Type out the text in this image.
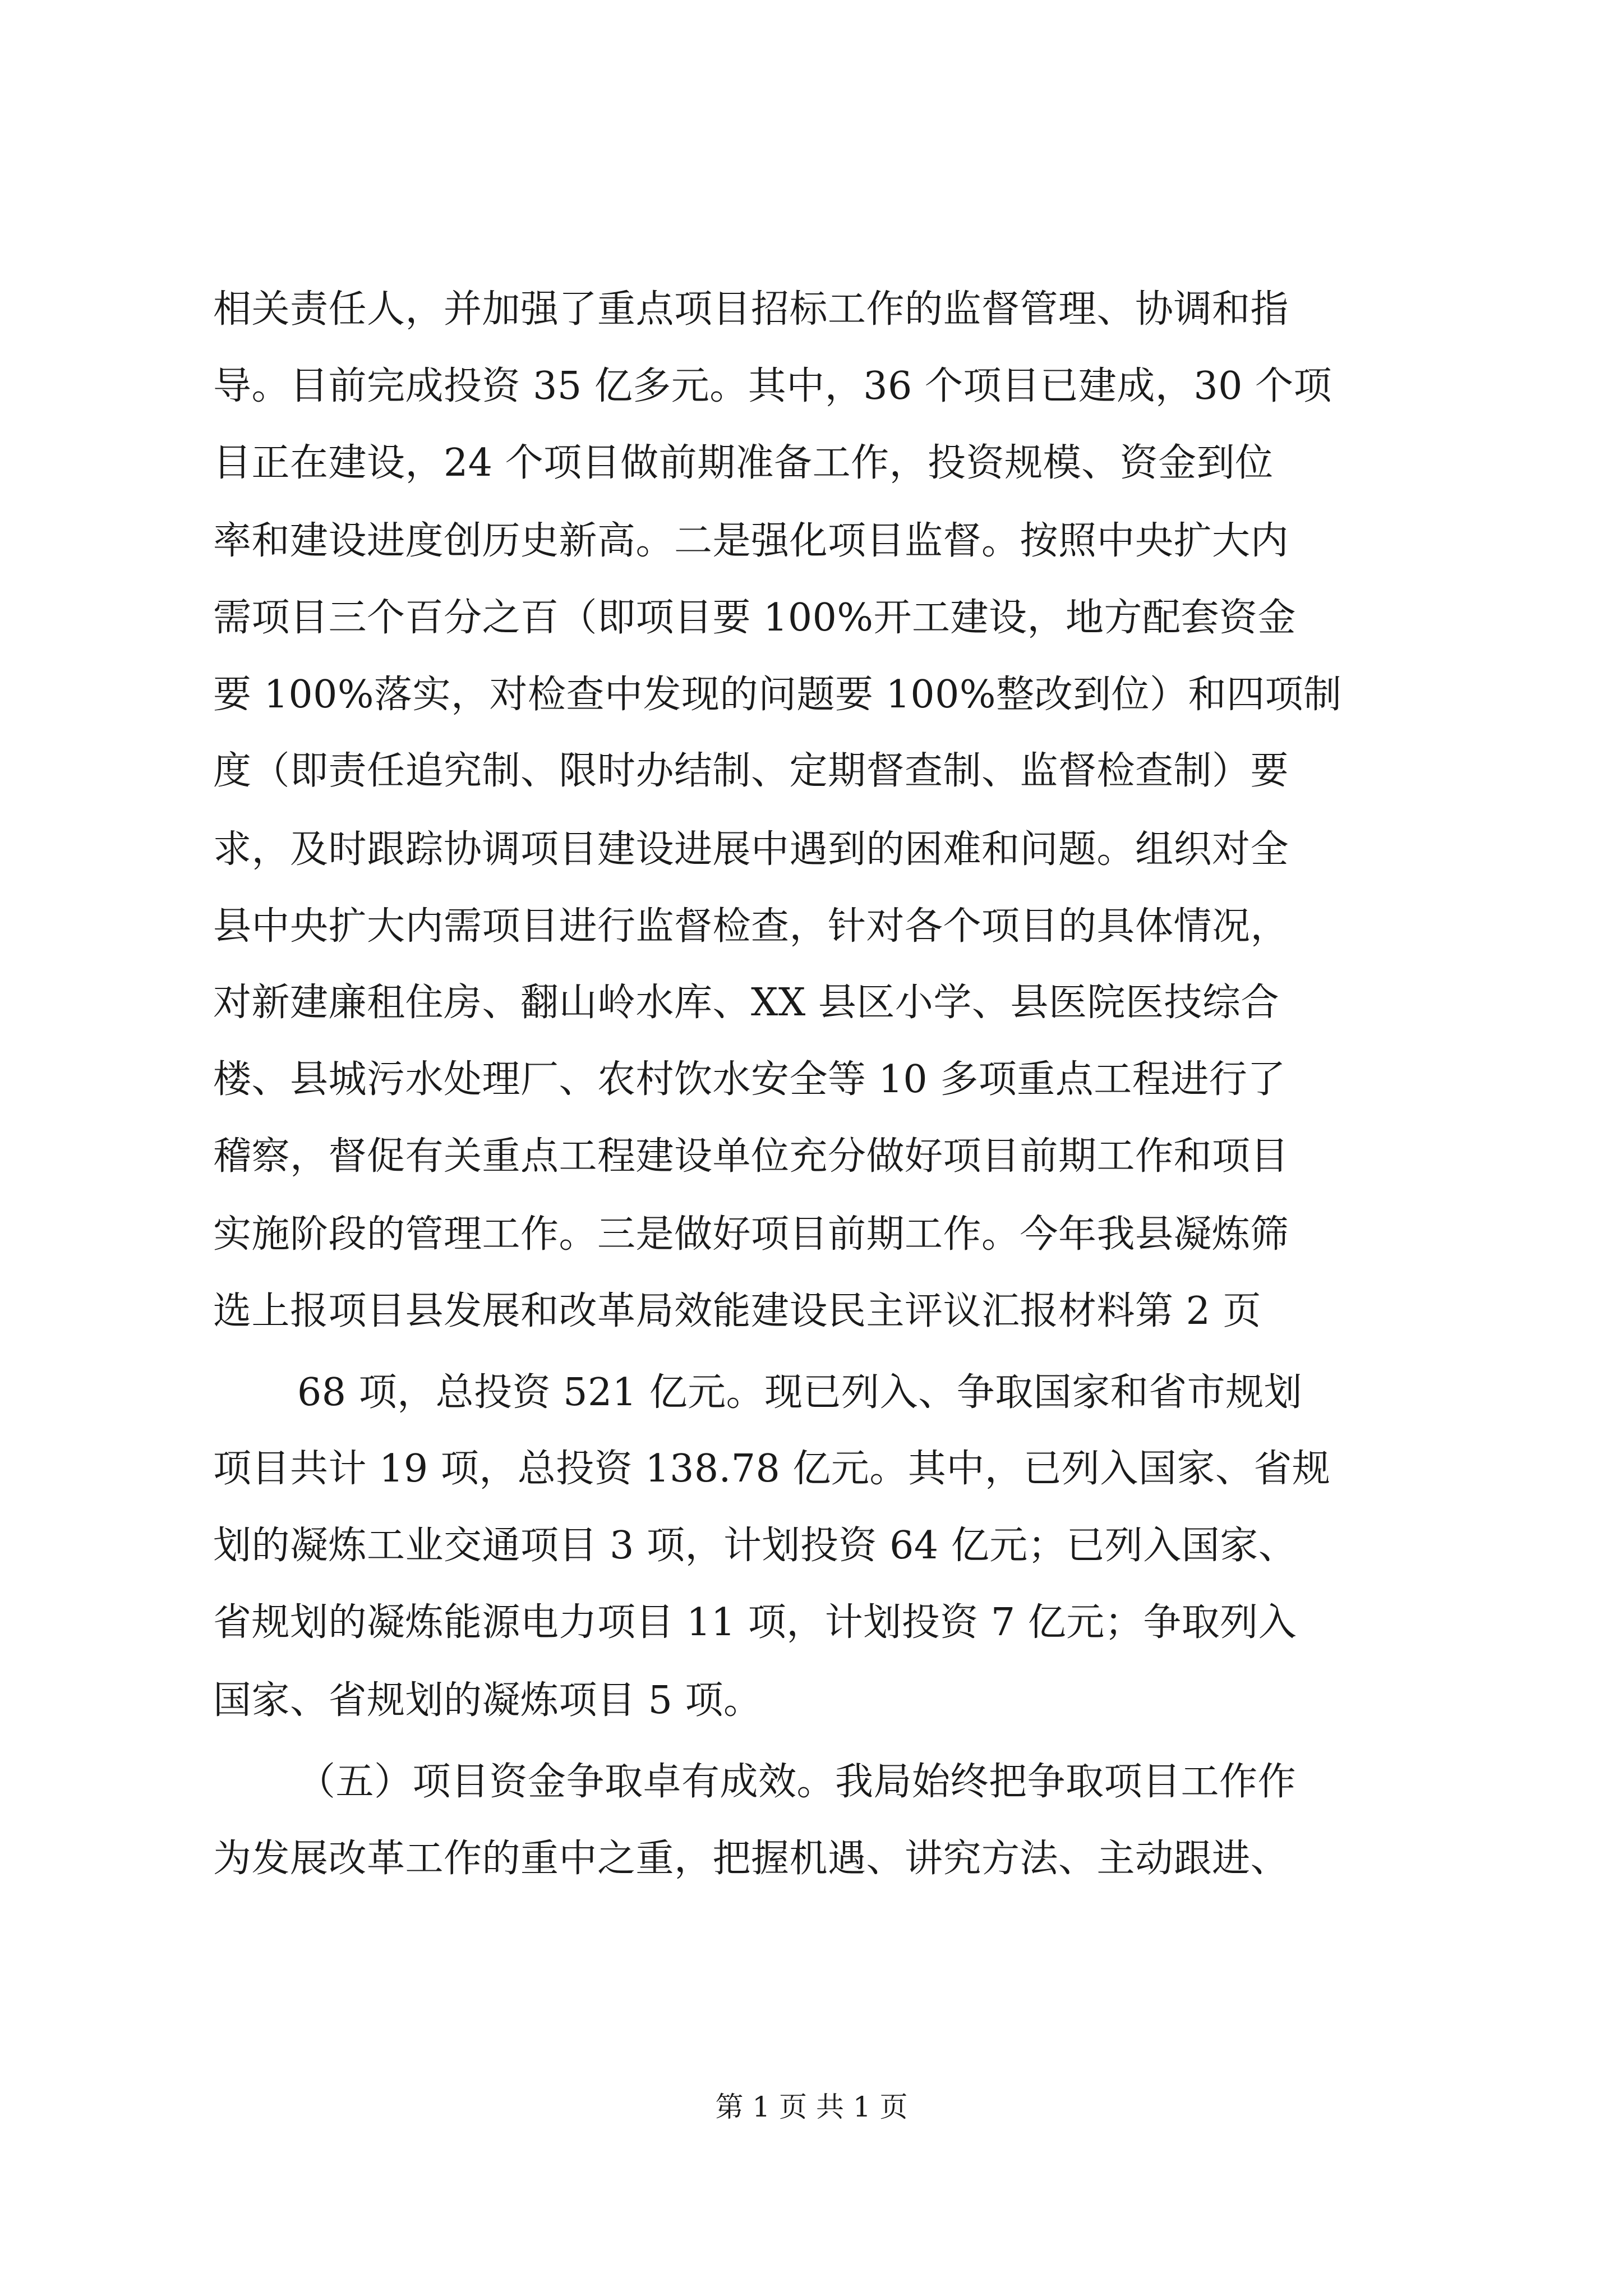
相关责任人，并加强了重点项目招标工作的监督管理、协调和指
导。目前完成投资 35 亿多元。其中，36 个项目已建成，30 个项
目正在建设，24 个项目做前期准备工作，投资规模、资金到位
率和建设进度创历史新高。二是强化项目监督。按照中央扩大内
需项目三个百分之百（即项目要 100%开工建设，地方配套资金
要 100%落实，对检查中发现的问题要 100%整改到位）和四项制
度（即责任追究制、限时办结制、定期督查制、监督检查制）要
求，及时跟踪协调项目建设进展中遇到的困难和问题。组织对全
县中央扩大内需项目进行监督检查，针对各个项目的具体情况，
对新建廉租住房、翻山岭水库、XX 县区小学、县医院医技综合
楼、县城污水处理厂、农村饮水安全等 10 多项重点工程进行了
稽察，督促有关重点工程建设单位充分做好项目前期工作和项目
实施阶段的管理工作。三是做好项目前期工作。今年我县凝炼筛
选上报项目县发展和改革局效能建设民主评议汇报材料第 2 页
68 项，总投资 521 亿元。现已列入、争取国家和省市规划
项目共计 19 项，总投资 138.78 亿元。其中，已列入国家、省规
划的凝炼工业交通项目 3 项，计划投资 64 亿元；已列入国家、
省规划的凝炼能源电力项目 11 项，计划投资 7 亿元；争取列入
国家、省规划的凝炼项目 5 项。
（五）项目资金争取卓有成效。我局始终把争取项目工作作
为发展改革工作的重中之重，把握机遇、讲究方法、主动跟进、
第 1 页 共 1 页
